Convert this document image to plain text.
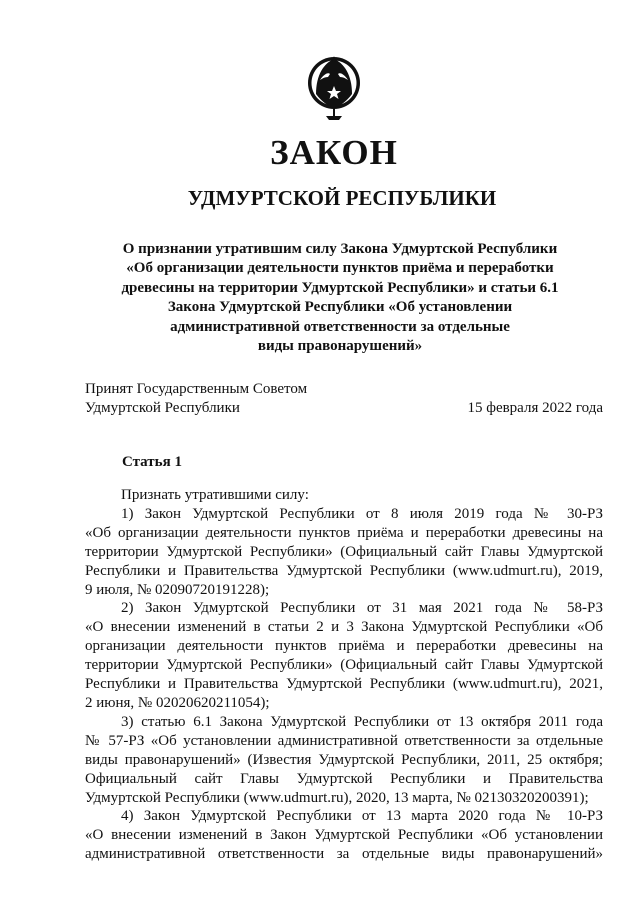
ЗАКОН
УДМУРТСКОЙ РЕСПУБЛИКИ
О признании утратившим силу Закона Удмуртской Республики
«Об организации деятельности пунктов приёма и переработки
древесины на территории Удмуртской Республики» и статьи 6.1
Закона Удмуртской Республики «Об установлении
административной ответственности за отдельные
виды правонарушений»
Принят Государственным Советом
Удмуртской Республики	15 февраля 2022 года
Статья 1

Признать утратившими силу:

1) Закон Удмуртской Республики от 8 июля 2019 года № 30-РЗ

«Об организации деятельности пунктов приёма и переработки древесины на

территории Удмуртской Республики» (Официальный сайт Главы Удмуртской

Республики и Правительства Удмуртской Республики (www.udmurt.ru), 2019,

9 июля, № 02090720191228);

2) Закон Удмуртской Республики от 31 мая 2021 года № 58-РЗ

«О внесении изменений в статьи 2 и 3 Закона Удмуртской Республики «Об

организации деятельности пунктов приёма и переработки древесины на

территории Удмуртской Республики» (Официальный сайт Главы Удмуртской

Республики и Правительства Удмуртской Республики (www.udmurt.ru), 2021,

2 июня, № 02020620211054);

3) статью 6.1 Закона Удмуртской Республики от 13 октября 2011 года

№ 57-РЗ «Об установлении административной ответственности за отдельные

виды правонарушений» (Известия Удмуртской Республики, 2011, 25 октября;

Официальный сайт Главы Удмуртской Республики и Правительства

Удмуртской Республики (www.udmurt.ru), 2020, 13 марта, № 02130320200391);

4) Закон Удмуртской Республики от 13 марта 2020 года № 10-РЗ

«О внесении изменений в Закон Удмуртской Республики «Об установлении

административной ответственности за отдельные виды правонарушений»
